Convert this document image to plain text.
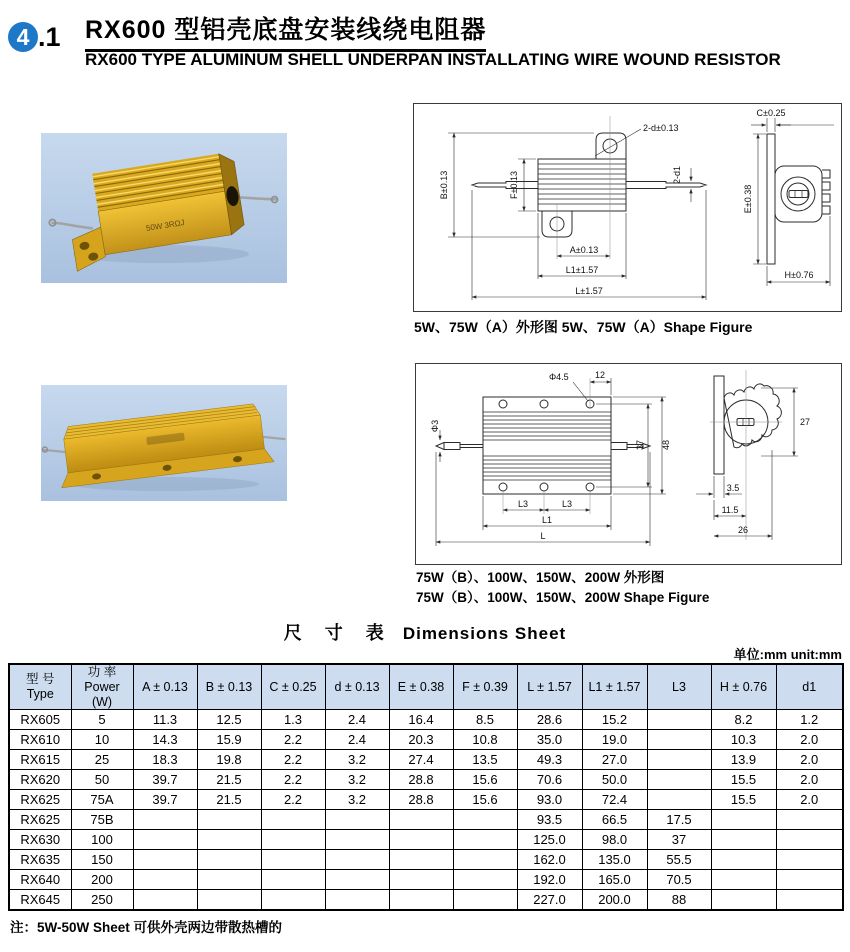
4 .1 RX600 型铝壳底盘安装线绕电阻器
RX600 TYPE ALUMINUM SHELL UNDERPAN INSTALLATING WIRE WOUND RESISTOR
50W 3RΩJ
2-d±0.13
B±0.13	F±0.13	2-d1
A±0.13
L1±1.57
L±1.57
C±0.25
E±0.38
H±0.76
5W、75W（A）外形图 5W、75W（A）Shape Figure
Φ4.5	12
Φ3
37 48
L3	L3
L1
L
27
3.5
11.5
26
75W（B）、100W、150W、200W 外形图
75W（B）、100W、150W、200W Shape Figure
尺 寸 表 Dimensions Sheet
单位:mm unit:mm
型 号
Type	功 率
Power
(W)	A ± 0.13	B ± 0.13	C ± 0.25	d ± 0.13	E ± 0.38	F ± 0.39	L ± 1.57	L1 ± 1.57	L3	H ± 0.76	d1
RX605	5	11.3	12.5	1.3	2.4	16.4	8.5	28.6	15.2		8.2	1.2
RX610	10	14.3	15.9	2.2	2.4	20.3	10.8	35.0	19.0		10.3	2.0
RX615	25	18.3	19.8	2.2	3.2	27.4	13.5	49.3	27.0		13.9	2.0
RX620	50	39.7	21.5	2.2	3.2	28.8	15.6	70.6	50.0		15.5	2.0
RX625	75A	39.7	21.5	2.2	3.2	28.8	15.6	93.0	72.4		15.5	2.0
RX625	75B							93.5	66.5	17.5		
RX630	100							125.0	98.0	37		
RX635	150							162.0	135.0	55.5		
RX640	200							192.0	165.0	70.5		
RX645	250							227.0	200.0	88		
注：5W-50W Sheet 可供外壳两边带散热槽的
